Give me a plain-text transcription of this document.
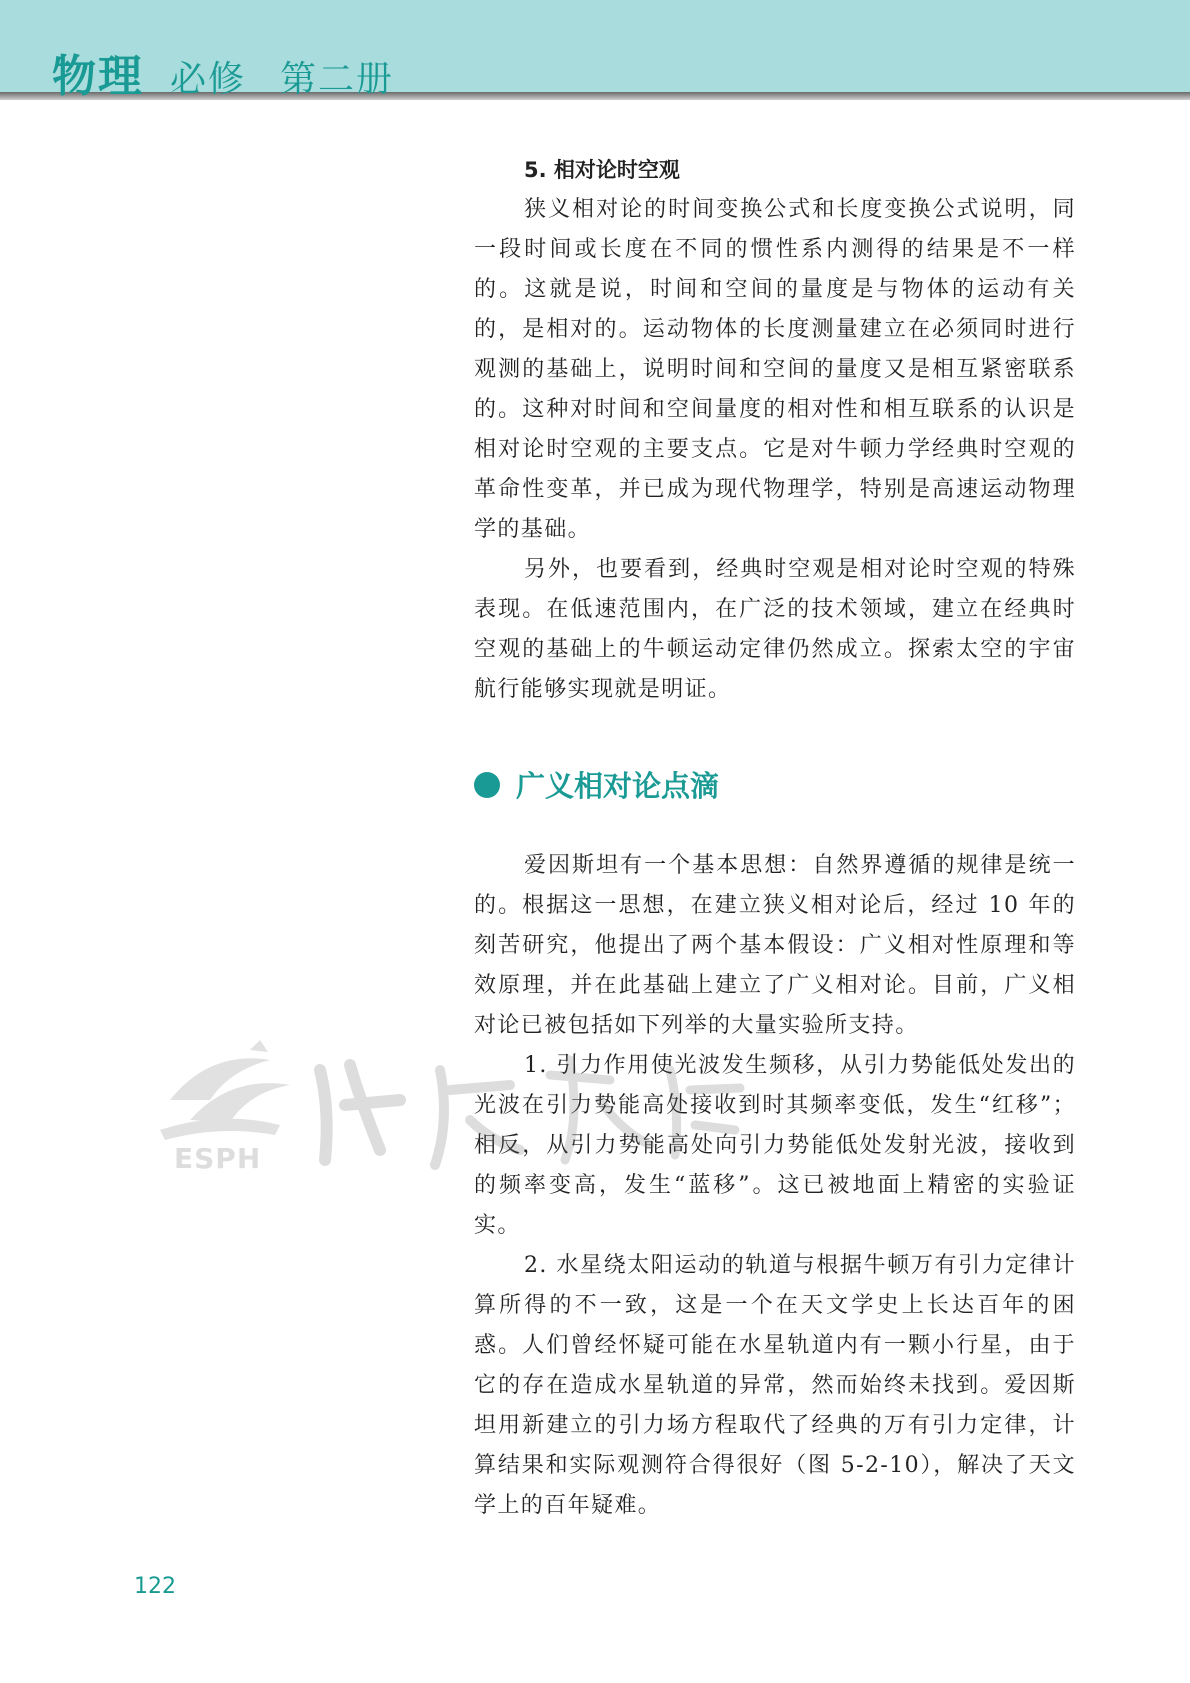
物理 必修 第二册
5. 相对论时空观

狭义相对论的时间变换公式和长度变换公式说明，同一段时间或长度在不同的惯性系内测得的结果是不一样的。这就是说，时间和空间的量度是与物体的运动有关的，是相对的。运动物体的长度测量建立在必须同时进行观测的基础上，说明时间和空间的量度又是相互紧密联系的。这种对时间和空间量度的相对性和相互联系的认识是相对论时空观的主要支点。它是对牛顿力学经典时空观的革命性变革，并已成为现代物理学，特别是高速运动物理学的基础。

另外，也要看到，经典时空观是相对论时空观的特殊表现。在低速范围内，在广泛的技术领域，建立在经典时空观的基础上的牛顿运动定律仍然成立。探索太空的宇宙航行能够实现就是明证。

广义相对论点滴

爱因斯坦有一个基本思想：自然界遵循的规律是统一的。根据这一思想，在建立狭义相对论后，经过 10 年的刻苦研究，他提出了两个基本假设：广义相对性原理和等效原理，并在此基础上建立了广义相对论。目前，广义相对论已被包括如下列举的大量实验所支持。

1. 引力作用使光波发生频移，从引力势能低处发出的光波在引力势能高处接收到时其频率变低，发生“红移”；相反，从引力势能高处向引力势能低处发射光波，接收到的频率变高，发生“蓝移”。这已被地面上精密的实验证实。

2. 水星绕太阳运动的轨道与根据牛顿万有引力定律计算所得的不一致，这是一个在天文学史上长达百年的困惑。人们曾经怀疑可能在水星轨道内有一颗小行星，由于它的存在造成水星轨道的异常，然而始终未找到。爱因斯坦用新建立的引力场方程取代了经典的万有引力定律，计算结果和实际观测符合得很好（图 5-2-10），解决了天文学上的百年疑难。

ESPH
122
